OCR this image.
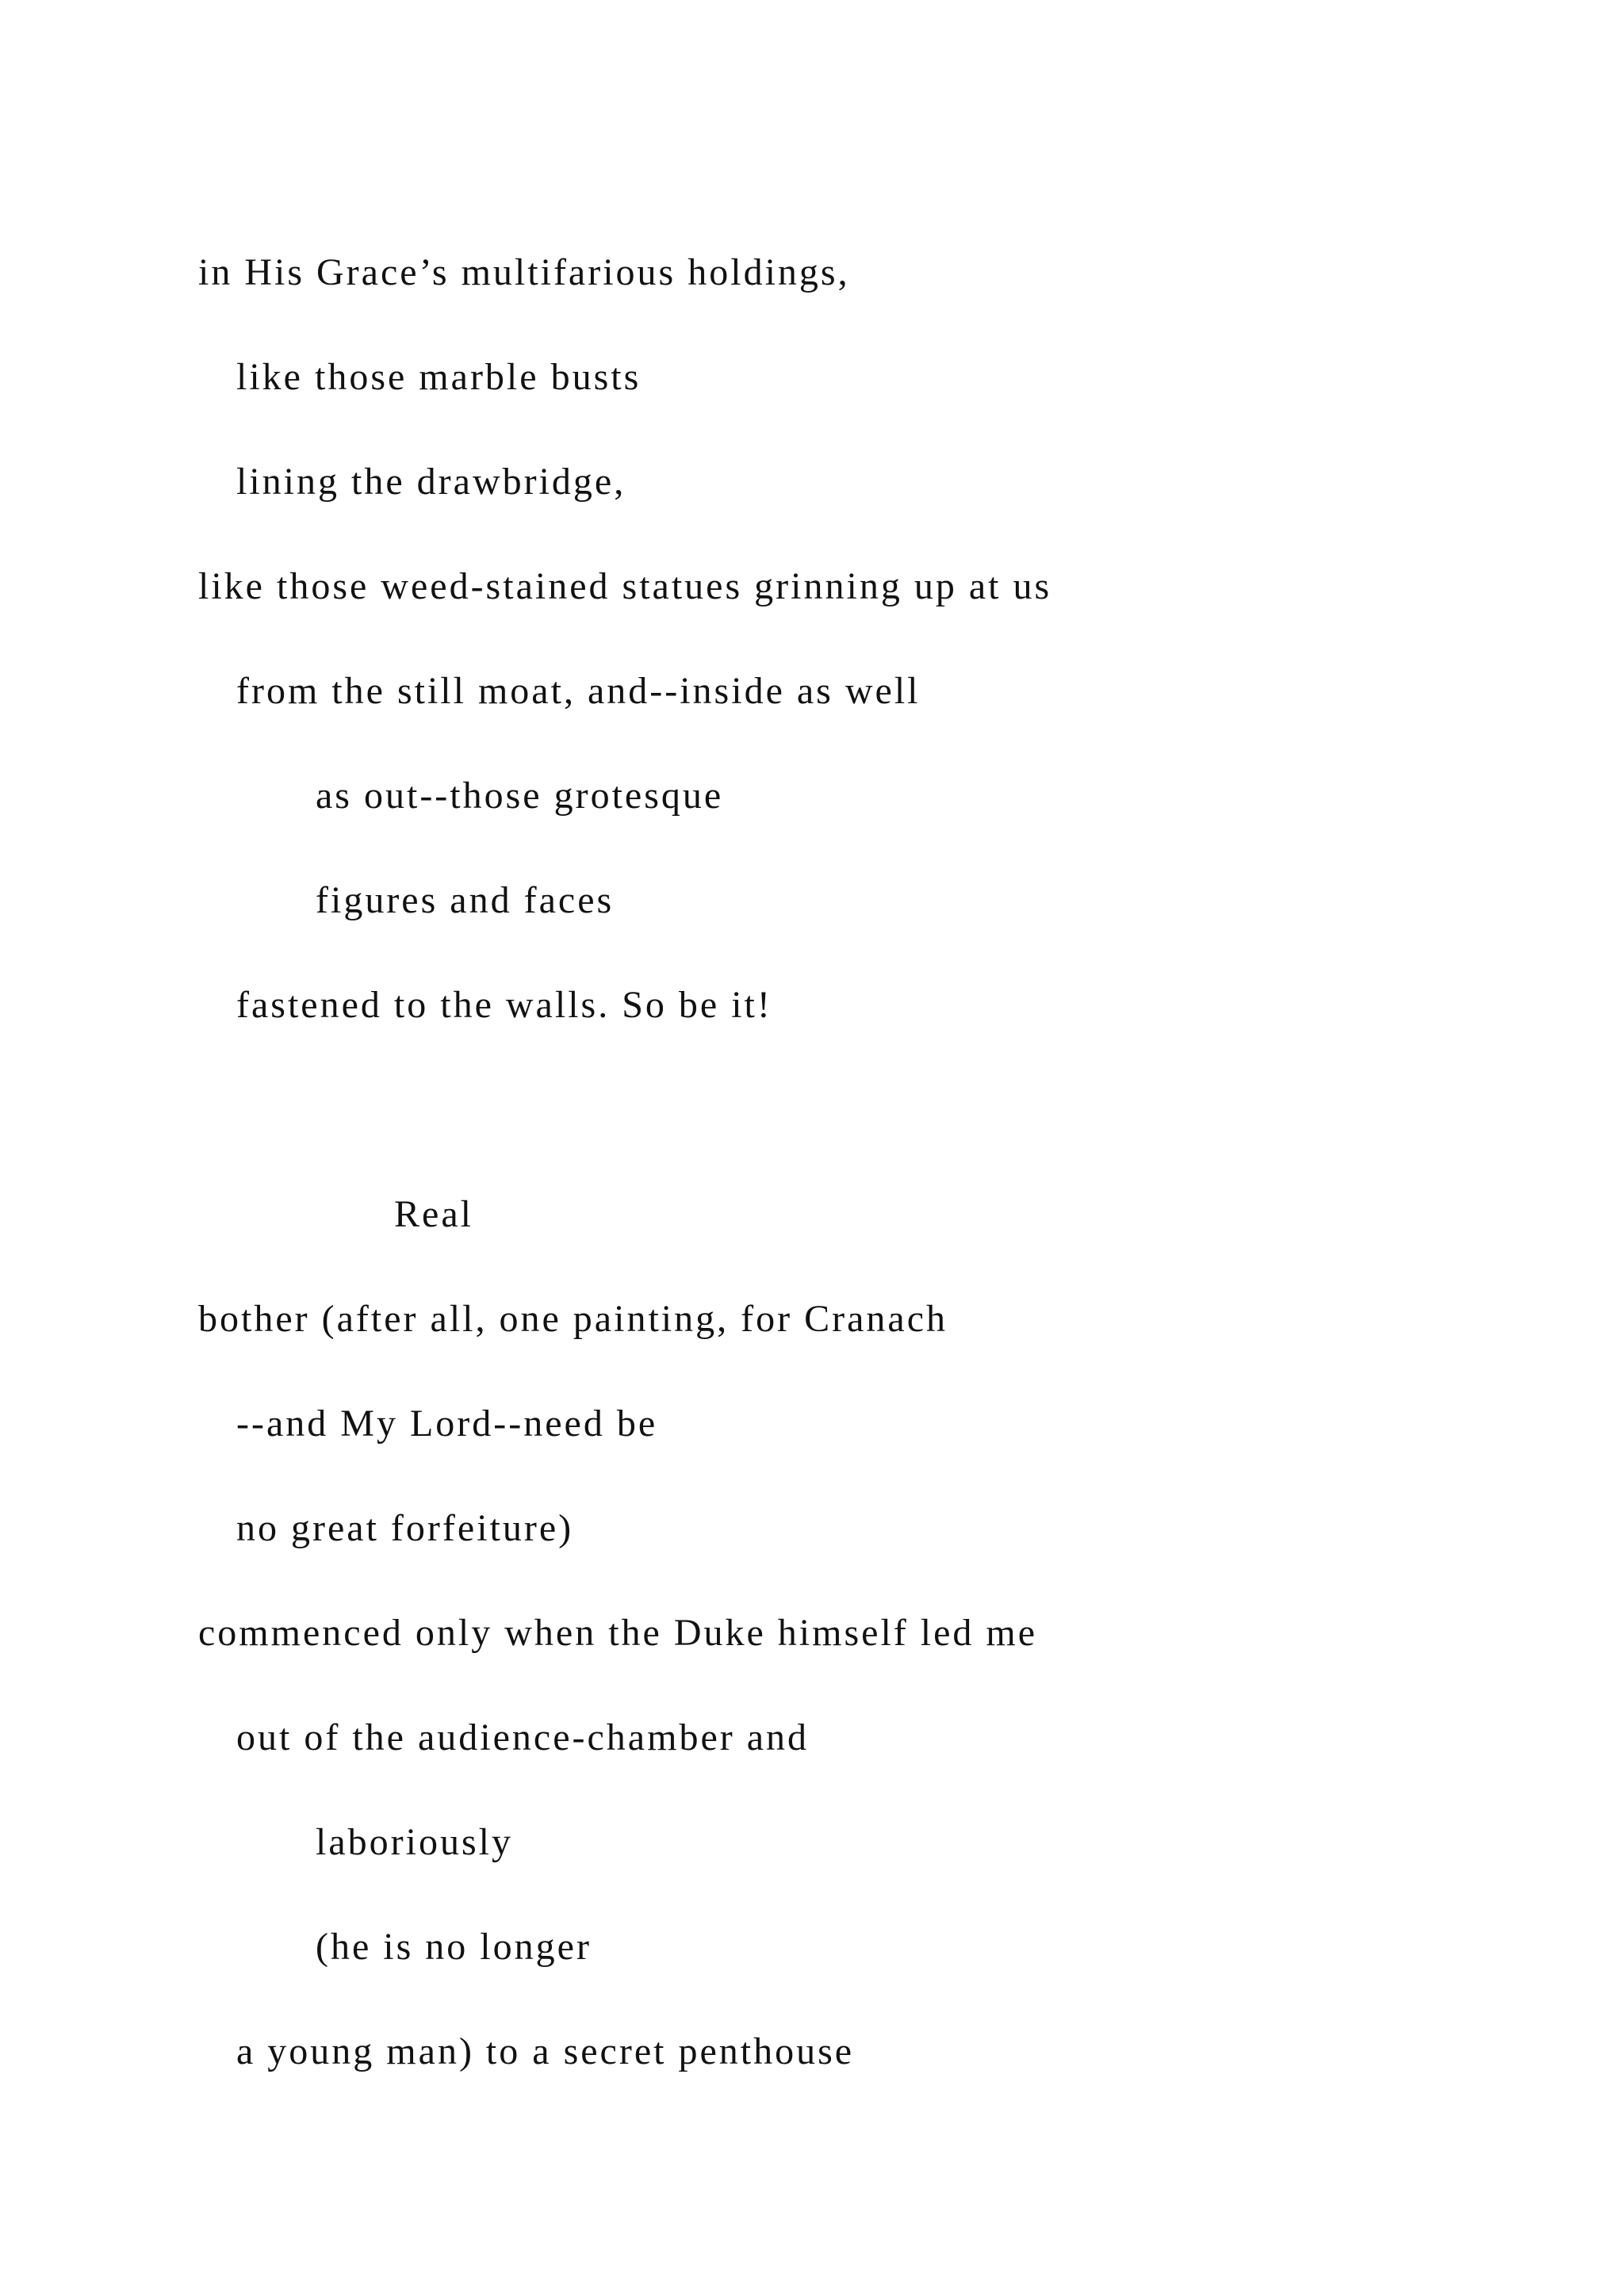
in His Grace’s multifarious holdings,
like those marble busts
lining the drawbridge,
like those weed-stained statues grinning up at us
from the still moat, and--inside as well
as out--those grotesque
figures and faces
fastened to the walls. So be it!
Real
bother (after all, one painting, for Cranach
--and My Lord--need be
no great forfeiture)
commenced only when the Duke himself led me
out of the audience-chamber and
laboriously
(he is no longer
a young man) to a secret penthouse
